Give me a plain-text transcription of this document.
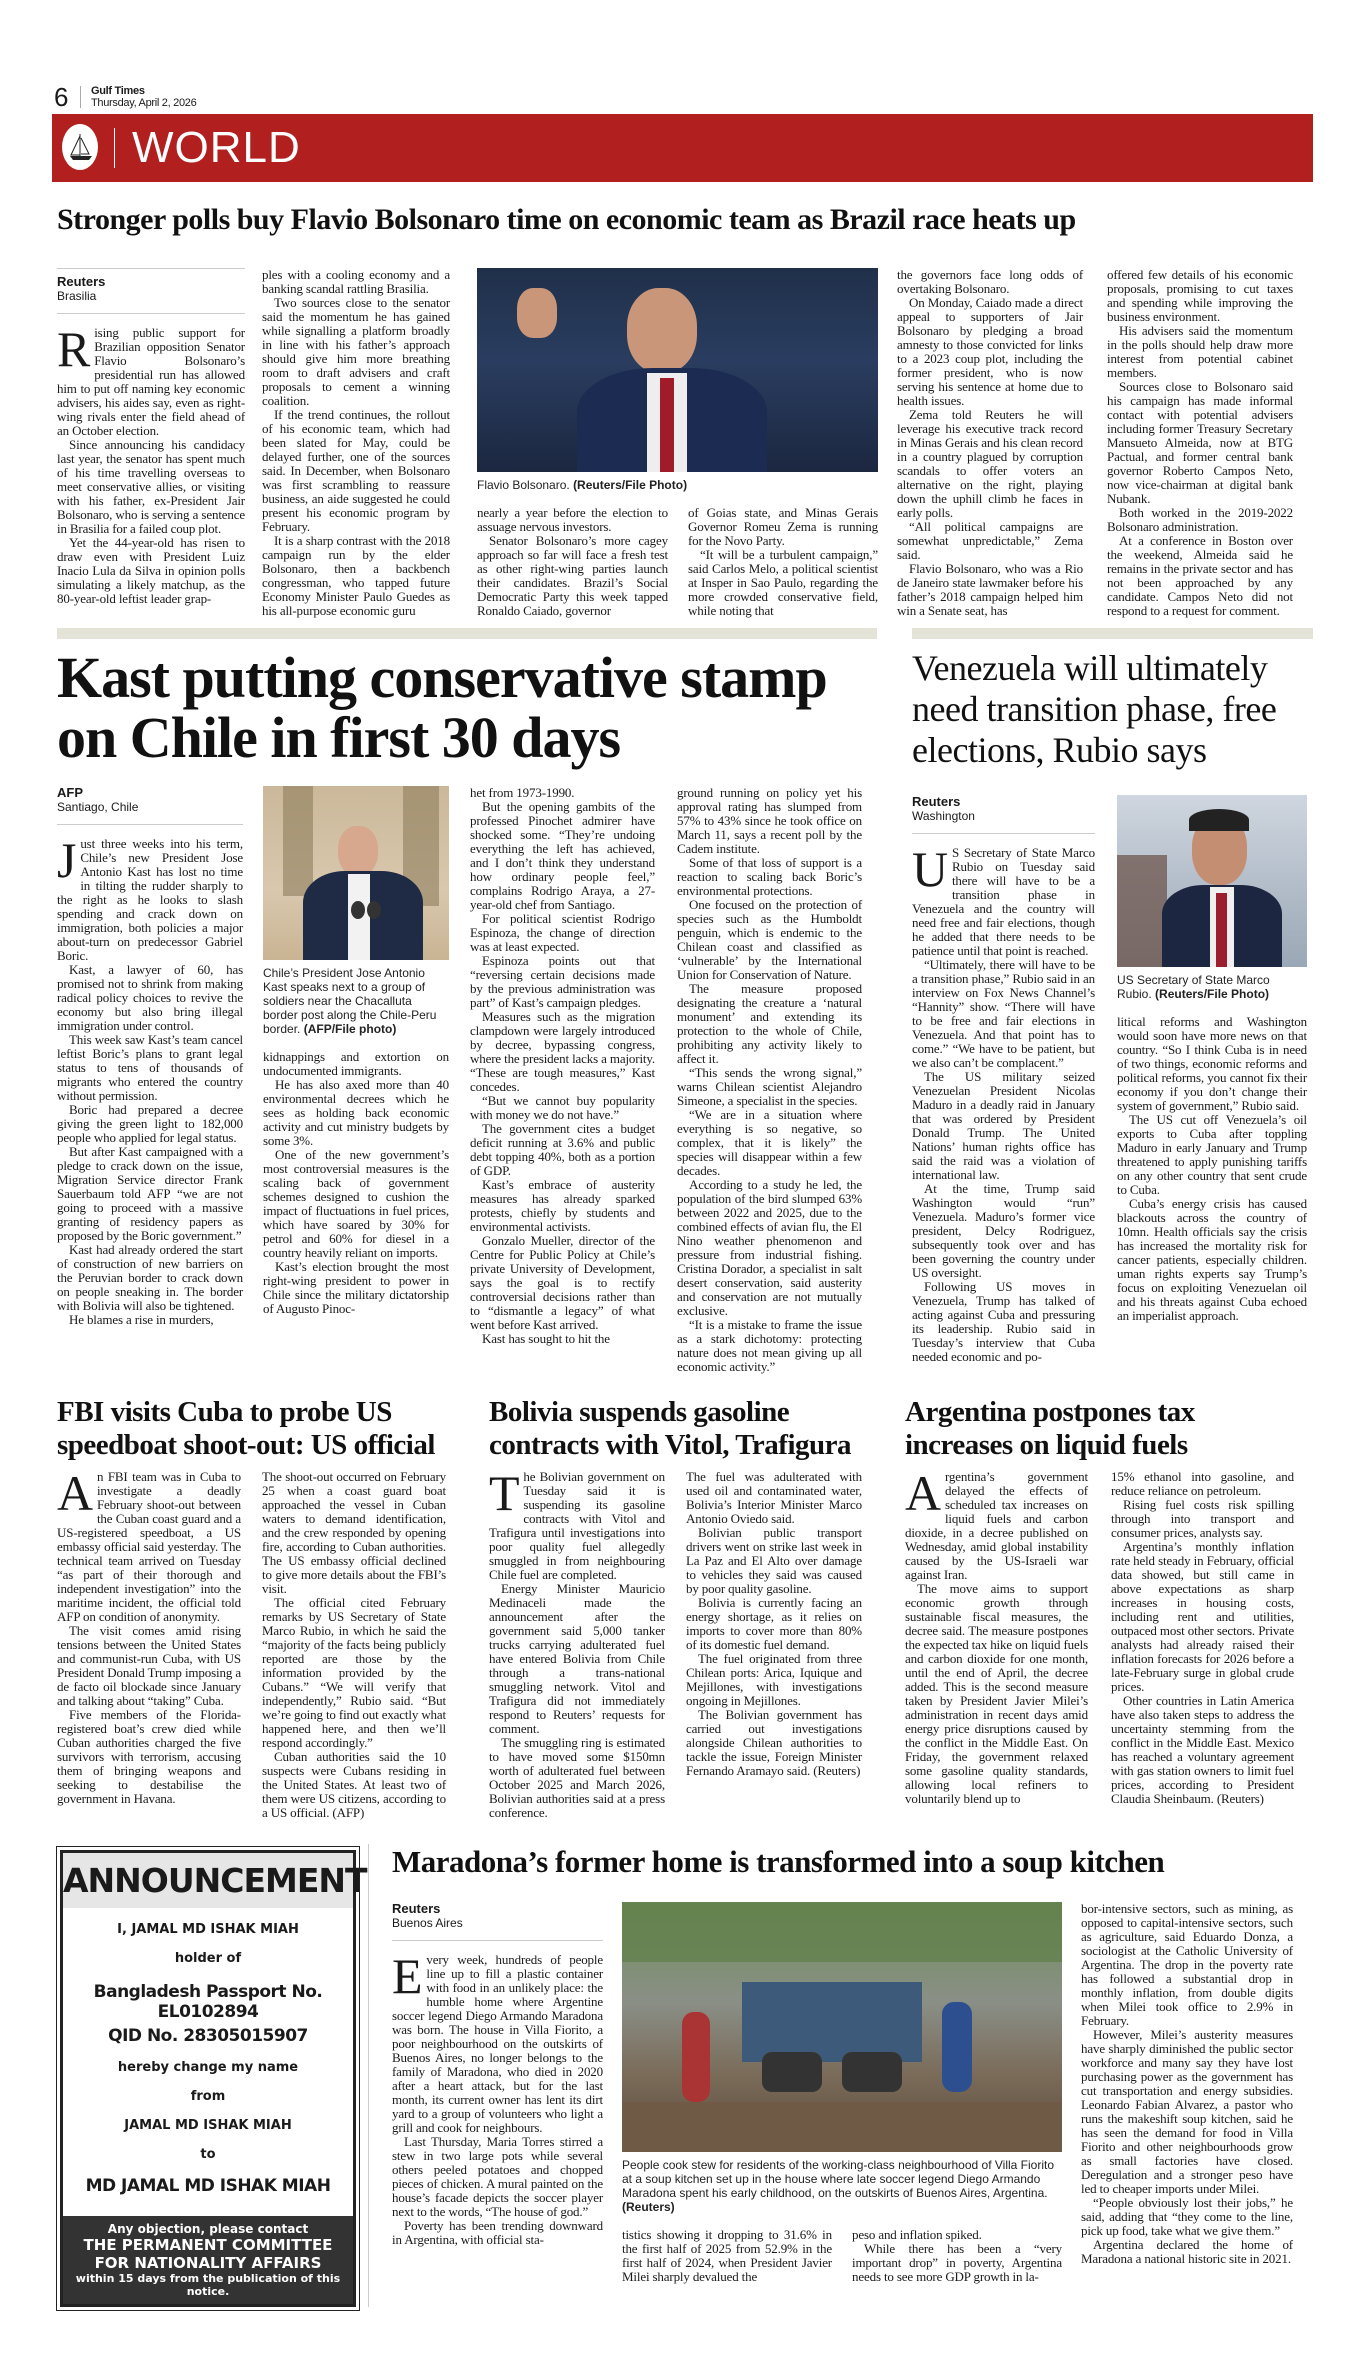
6 Gulf Times
Thursday, April 2, 2026
WORLD
Stronger polls buy Flavio Bolsonaro time on economic team as Brazil race heats up
Reuters
Brasilia

Rising public support for Brazilian opposition Senator Flavio Bolsonaro’s presidential run has allowed him to put off naming key economic advisers, his aides say, even as right-wing rivals enter the field ahead of an October election.

Since announcing his candidacy last year, the senator has spent much of his time travelling overseas to meet conservative allies, or visiting with his father, ex-President Jair Bolsonaro, who is serving a sentence in Brasilia for a failed coup plot.

Yet the 44-year-old has risen to draw even with President Luiz Inacio Lula da Silva in opinion polls simulating a likely matchup, as the 80-year-old leftist leader grap-

ples with a cooling economy and a banking scandal rattling Brasilia.

Two sources close to the senator said the momentum he has gained while signalling a platform broadly in line with his father’s approach should give him more breathing room to draft advisers and craft proposals to cement a winning coalition.

If the trend continues, the rollout of his economic team, which had been slated for May, could be delayed further, one of the sources said. In December, when Bolsonaro was first scrambling to reassure business, an aide suggested he could present his economic program by February.

It is a sharp contrast with the 2018 campaign run by the elder Bolsonaro, then a backbench congressman, who tapped future Economy Minister Paulo Guedes as his all-purpose economic guru

Flavio Bolsonaro. (Reuters/File Photo)

nearly a year before the election to assuage nervous investors.

Senator Bolsonaro’s more cagey approach so far will face a fresh test as other right-wing parties launch their candidates. Brazil’s Social Democratic Party this week tapped Ronaldo Caiado, governor

of Goias state, and Minas Gerais Governor Romeu Zema is running for the Novo Party.

“It will be a turbulent campaign,” said Carlos Melo, a political scientist at Insper in Sao Paulo, regarding the more crowded conservative field, while noting that

the governors face long odds of overtaking Bolsonaro.

On Monday, Caiado made a direct appeal to supporters of Jair Bolsonaro by pledging a broad amnesty to those convicted for links to a 2023 coup plot, including the former president, who is now serving his sentence at home due to health issues.

Zema told Reuters he will leverage his executive track record in Minas Gerais and his clean record in a country plagued by corruption scandals to offer voters an alternative on the right, playing down the uphill climb he faces in early polls.

“All political campaigns are somewhat unpredictable,” Zema said.

Flavio Bolsonaro, who was a Rio de Janeiro state lawmaker before his father’s 2018 campaign helped him win a Senate seat, has

offered few details of his economic proposals, promising to cut taxes and spending while improving the business environment.

His advisers said the momentum in the polls should help draw more interest from potential cabinet members.

Sources close to Bolsonaro said his campaign has made informal contact with potential advisers including former Treasury Secretary Mansueto Almeida, now at BTG Pactual, and former central bank governor Roberto Campos Neto, now vice-chairman at digital bank Nubank.

Both worked in the 2019-2022 Bolsonaro administration.

At a conference in Boston over the weekend, Almeida said he remains in the private sector and has not been approached by any candidate. Campos Neto did not respond to a request for comment.

Kast putting conservative stamp on Chile in first 30 days
AFP
Santiago, Chile

Just three weeks into his term, Chile’s new President Jose Antonio Kast has lost no time in tilting the rudder sharply to the right as he looks to slash spending and crack down on immigration, both policies a major about-turn on predecessor Gabriel Boric.

Kast, a lawyer of 60, has promised not to shrink from making radical policy choices to revive the economy but also bring illegal immigration under control.

This week saw Kast’s team cancel leftist Boric’s plans to grant legal status to tens of thousands of migrants who entered the country without permission.

Boric had prepared a decree giving the green light to 182,000 people who applied for legal status.

But after Kast campaigned with a pledge to crack down on the issue, Migration Service director Frank Sauerbaum told AFP “we are not going to proceed with a massive granting of residency papers as proposed by the Boric government.”

Kast had already ordered the start of construction of new barriers on the Peruvian border to crack down on people sneaking in. The border with Bolivia will also be tightened.

He blames a rise in murders,

Chile’s President Jose Antonio Kast speaks next to a group of soldiers near the Chacalluta border post along the Chile-Peru border. (AFP/File photo)

kidnappings and extortion on undocumented immigrants.

He has also axed more than 40 environmental decrees which he sees as holding back economic activity and cut ministry budgets by some 3%.

One of the new government’s most controversial measures is the scaling back of government schemes designed to cushion the impact of fluctuations in fuel prices, which have soared by 30% for petrol and 60% for diesel in a country heavily reliant on imports.

Kast’s election brought the most right-wing president to power in Chile since the military dictatorship of Augusto Pinoc-

het from 1973-1990.

But the opening gambits of the professed Pinochet admirer have shocked some. “They’re undoing everything the left has achieved, and I don’t think they understand how ordinary people feel,” complains Rodrigo Araya, a 27-year-old chef from Santiago.

For political scientist Rodrigo Espinoza, the change of direction was at least expected.

Espinoza points out that “reversing certain decisions made by the previous administration was part” of Kast’s campaign pledges.

Measures such as the migration clampdown were largely introduced by decree, bypassing congress, where the president lacks a majority. “These are tough measures,” Kast concedes.

“But we cannot buy popularity with money we do not have.”

The government cites a budget deficit running at 3.6% and public debt topping 40%, both as a portion of GDP.

Kast’s embrace of austerity measures has already sparked protests, chiefly by students and environmental activists.

Gonzalo Mueller, director of the Centre for Public Policy at Chile’s private University of Development, says the goal is to rectify controversial decisions rather than to “dismantle a legacy” of what went before Kast arrived.

Kast has sought to hit the

ground running on policy yet his approval rating has slumped from 57% to 43% since he took office on March 11, says a recent poll by the Cadem institute.

Some of that loss of support is a reaction to scaling back Boric’s environmental protections.

One focused on the protection of species such as the Humboldt penguin, which is endemic to the Chilean coast and classified as ‘vulnerable’ by the International Union for Conservation of Nature.

The measure proposed designating the creature a ‘natural monument’ and extending its protection to the whole of Chile, prohibiting any activity likely to affect it.

“This sends the wrong signal,” warns Chilean scientist Alejandro Simeone, a specialist in the species.

“We are in a situation where everything is so negative, so complex, that it is likely” the species will disappear within a few decades.

According to a study he led, the population of the bird slumped 63% between 2022 and 2025, due to the combined effects of avian flu, the El Nino weather phenomenon and pressure from industrial fishing. Cristina Dorador, a specialist in salt desert conservation, said austerity and conservation are not mutually exclusive.

“It is a mistake to frame the issue as a stark dichotomy: protecting nature does not mean giving up all economic activity.”

Venezuela will ultimately need transition phase, free elections, Rubio says
Reuters
Washington

US Secretary of State Marco Rubio on Tuesday said there will have to be a transition phase in Venezuela and the country will need free and fair elections, though he added that there needs to be patience until that point is reached.

“Ultimately, there will have to be a transition phase,” Rubio said in an interview on Fox News Channel’s “Hannity” show. “There will have to be free and fair elections in Venezuela. And that point has to come.” “We have to be patient, but we also can’t be complacent.”

The US military seized Venezuelan President Nicolas Maduro in a deadly raid in January that was ordered by President Donald Trump. The United Nations’ human rights office has said the raid was a violation of international law.

At the time, Trump said Washington would “run” Venezuela. Maduro’s former vice president, Delcy Rodriguez, subsequently took over and has been governing the country under US oversight.

Following US moves in Venezuela, Trump has talked of acting against Cuba and pressuring its leadership. Rubio said in Tuesday’s interview that Cuba needed economic and po-

US Secretary of State Marco Rubio. (Reuters/File Photo)

litical reforms and Washington would soon have more news on that country. “So I think Cuba is in need of two things, economic reforms and political reforms, you cannot fix their economy if you don’t change their system of government,” Rubio said.

The US cut off Venezuela’s oil exports to Cuba after toppling Maduro in early January and Trump threatened to apply punishing tariffs on any other country that sent crude to Cuba.

Cuba’s energy crisis has caused blackouts across the country of 10mn. Health officials say the crisis has increased the mortality risk for cancer patients, especially children. uman rights experts say Trump’s focus on exploiting Venezuelan oil and his threats against Cuba echoed an imperialist approach.

FBI visits Cuba to probe US speedboat shoot-out: US official

An FBI team was in Cuba to investigate a deadly February shoot-out between the Cuban coast guard and a US-registered speedboat, a US embassy official said yesterday. The technical team arrived on Tuesday “as part of their thorough and independent investigation” into the maritime incident, the official told AFP on condition of anonymity.

The visit comes amid rising tensions between the United States and communist-run Cuba, with US President Donald Trump imposing a de facto oil blockade since January and talking about “taking” Cuba.

Five members of the Florida-registered boat’s crew died while Cuban authorities charged the five survivors with terrorism, accusing them of bringing weapons and seeking to destabilise the government in Havana.

The shoot-out occurred on February 25 when a coast guard boat approached the vessel in Cuban waters to demand identification, and the crew responded by opening fire, according to Cuban authorities. The US embassy official declined to give more details about the FBI’s visit.

The official cited February remarks by US Secretary of State Marco Rubio, in which he said the “majority of the facts being publicly reported are those by the information provided by the Cubans.” “We will verify that independently,” Rubio said. “But we’re going to find out exactly what happened here, and then we’ll respond accordingly.”

Cuban authorities said the 10 suspects were Cubans residing in the United States. At least two of them were US citizens, according to a US official. (AFP)

Bolivia suspends gasoline contracts with Vitol, Trafigura

The Bolivian government on Tuesday said it is suspending its gasoline contracts with Vitol and Trafigura until investigations into poor quality fuel allegedly smuggled in from neighbouring Chile fuel are completed.

Energy Minister Mauricio Medinaceli made the announcement after the government said 5,000 tanker trucks carrying adulterated fuel have entered Bolivia from Chile through a trans-national smuggling network. Vitol and Trafigura did not immediately respond to Reuters’ requests for comment.

The smuggling ring is estimated to have moved some $150mn worth of adulterated fuel between October 2025 and March 2026, Bolivian authorities said at a press conference.

The fuel was adulterated with used oil and contaminated water, Bolivia’s Interior Minister Marco Antonio Oviedo said.

Bolivian public transport drivers went on strike last week in La Paz and El Alto over damage to vehicles they said was caused by poor quality gasoline.

Bolivia is currently facing an energy shortage, as it relies on imports to cover more than 80% of its domestic fuel demand.

The fuel originated from three Chilean ports: Arica, Iquique and Mejillones, with investigations ongoing in Mejillones.

The Bolivian government has carried out investigations alongside Chilean authorities to tackle the issue, Foreign Minister Fernando Aramayo said. (Reuters)

Argentina postpones tax increases on liquid fuels

Argentina’s government delayed the effects of scheduled tax increases on liquid fuels and carbon dioxide, in a decree published on Wednesday, amid global instability caused by the US-Israeli war against Iran.

The move aims to support economic growth through sustainable fiscal measures, the decree said. The measure postpones the expected tax hike on liquid fuels and carbon dioxide for one month, until the end of April, the decree added. This is the second measure taken by President Javier Milei’s administration in recent days amid energy price disruptions caused by the conflict in the Middle East. On Friday, the government relaxed some gasoline quality standards, allowing local refiners to voluntarily blend up to

15% ethanol into gasoline, and reduce reliance on petroleum.

Rising fuel costs risk spilling through into transport and consumer prices, analysts say.

Argentina’s monthly inflation rate held steady in February, official data showed, but still came in above expectations as sharp increases in housing costs, including rent and utilities, outpaced most other sectors. Private analysts had already raised their inflation forecasts for 2026 before a late-February surge in global crude prices.

Other countries in Latin America have also taken steps to address the uncertainty stemming from the conflict in the Middle East. Mexico has reached a voluntary agreement with gas station owners to limit fuel prices, according to President Claudia Sheinbaum. (Reuters)

ANNOUNCEMENT
I, JAMAL MD ISHAK MIAH
holder of
Bangladesh Passport No. EL0102894
QID No. 28305015907
hereby change my name
from
JAMAL MD ISHAK MIAH
to
MD JAMAL MD ISHAK MIAH
Any objection, please contact
THE PERMANENT COMMITTEE FOR NATIONALITY AFFAIRS
within 15 days from the publication of this notice.
Maradona’s former home is transformed into a soup kitchen
Reuters
Buenos Aires

Every week, hundreds of people line up to fill a plastic container with food in an unlikely place: the humble home where Argentine soccer legend Diego Armando Maradona was born. The house in Villa Fiorito, a poor neighbourhood on the outskirts of Buenos Aires, no longer belongs to the family of Maradona, who died in 2020 after a heart attack, but for the last month, its current owner has lent its dirt yard to a group of volunteers who light a grill and cook for neighbours.

Last Thursday, Maria Torres stirred a stew in two large pots while several others peeled potatoes and chopped pieces of chicken. A mural painted on the house’s facade depicts the soccer player next to the words, “The house of god.”

Poverty has been trending downward in Argentina, with official sta-

People cook stew for residents of the working-class neighbourhood of Villa Fiorito at a soup kitchen set up in the house where late soccer legend Diego Armando Maradona spent his early childhood, on the outskirts of Buenos Aires, Argentina. (Reuters)

tistics showing it dropping to 31.6% in the first half of 2025 from 52.9% in the first half of 2024, when President Javier Milei sharply devalued the

peso and inflation spiked.

While there has been a “very important drop” in poverty, Argentina needs to see more GDP growth in la-

bor-intensive sectors, such as mining, as opposed to capital-intensive sectors, such as agriculture, said Eduardo Donza, a sociologist at the Catholic University of Argentina. The drop in the poverty rate has followed a substantial drop in monthly inflation, from double digits when Milei took office to 2.9% in February.

However, Milei’s austerity measures have sharply diminished the public sector workforce and many say they have lost purchasing power as the government has cut transportation and energy subsidies. Leonardo Fabian Alvarez, a pastor who runs the makeshift soup kitchen, said he has seen the demand for food in Villa Fiorito and other neighbourhoods grow as small factories have closed. Deregulation and a stronger peso have led to cheaper imports under Milei.

“People obviously lost their jobs,” he said, adding that “they come to the line, pick up food, take what we give them.”

Argentina declared the home of Maradona a national historic site in 2021.
